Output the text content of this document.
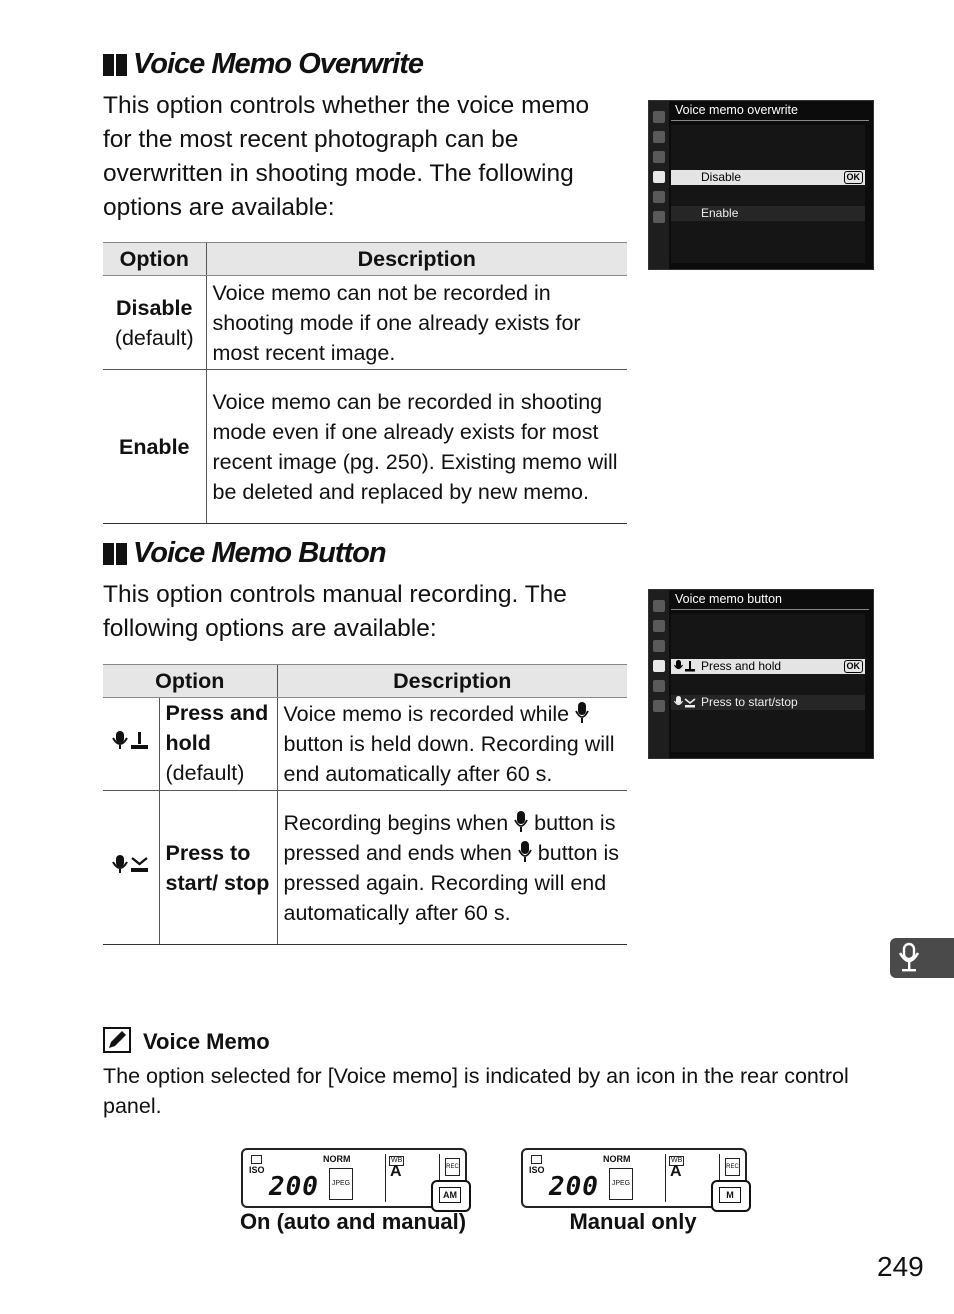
Voice Memo Overwrite
This option controls whether the voice memo for the most recent photograph can be overwritten in shooting mode. The following options are available:
Voice memo overwrite
Disable	OK
Enable
Option	Description

Disable
(default)	Voice memo can not be recorded in shooting mode if one already exists for most recent image.

Enable	Voice memo can be recorded in shooting mode even if one already exists for most recent image (pg. 250). Existing memo will be deleted and replaced by new memo.
Voice Memo Button
This option controls manual recording. The following options are available:
Voice memo button
Press and hold	OK
Press to start/stop
Option		Description

Press and hold
(default)	Voice memo is recorded while  button is held down. Recording will end automatically after 60 s.

Press to start/ stop	Recording begins when button is pressed and ends when button is pressed again. Recording will end automatically after 60 s.
Voice Memo
The option selected for [Voice memo] is indicated by an icon in the rear control panel.
ISO
NORM
200	JPEG
WB
A	REC
AM
On (auto and manual)
ISO
NORM
200	JPEG
WB
A	REC
M
Manual only
249
